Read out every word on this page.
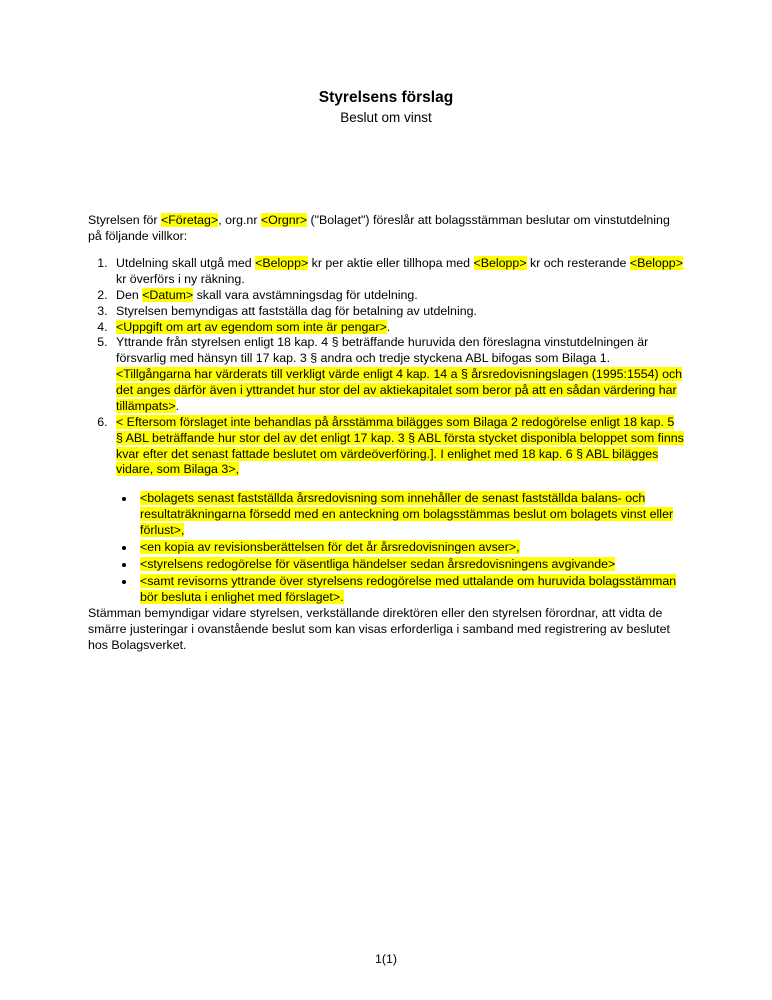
Styrelsens förslag
Beslut om vinst

Styrelsen för <Företag>, org.nr <Orgnr> ("Bolaget") föreslår att bolagsstämman beslutar om vinstutdelning på följande villkor:

1. Utdelning skall utgå med <Belopp> kr per aktie eller tillhopa med <Belopp> kr och resterande <Belopp> kr överförs i ny räkning.
2. Den <Datum> skall vara avstämningsdag för utdelning.
3. Styrelsen bemyndigas att fastställa dag för betalning av utdelning.
4. <Uppgift om art av egendom som inte är pengar>.
5. Yttrande från styrelsen enligt 18 kap. 4 § beträffande huruvida den föreslagna vinstutdelningen är försvarlig med hänsyn till 17 kap. 3 § andra och tredje styckena ABL bifogas som Bilaga 1. <Tillgångarna har värderats till verkligt värde enligt 4 kap. 14 a § årsredovisningslagen (1995:1554) och det anges därför även i yttrandet hur stor del av aktiekapitalet som beror på att en sådan värdering har tillämpats>.
6. < Eftersom förslaget inte behandlas på årsstämma bilägges som Bilaga 2 redogörelse enligt 18 kap. 5 § ABL beträffande hur stor del av det enligt 17 kap. 3 § ABL första stycket disponibla beloppet som finns kvar efter det senast fattade beslutet om värdeöverföring.]. I enlighet med 18 kap. 6 § ABL bilägges vidare, som Bilaga 3>,
• <bolagets senast fastställda årsredovisning som innehåller de senast fastställda balans- och resultaträkningarna försedd med en anteckning om bolagsstämmas beslut om bolagets vinst eller förlust>,
• <en kopia av revisionsberättelsen för det år årsredovisningen avser>,
• <styrelsens redogörelse för väsentliga händelser sedan årsredovisningens avgivande>
• <samt revisorns yttrande över styrelsens redogörelse med uttalande om huruvida bolagsstämman bör besluta i enlighet med förslaget>.

Stämman bemyndigar vidare styrelsen, verkställande direktören eller den styrelsen förordnar, att vidta de smärre justeringar i ovanstående beslut som kan visas erforderliga i samband med registrering av beslutet hos Bolagsverket.

1(1)
